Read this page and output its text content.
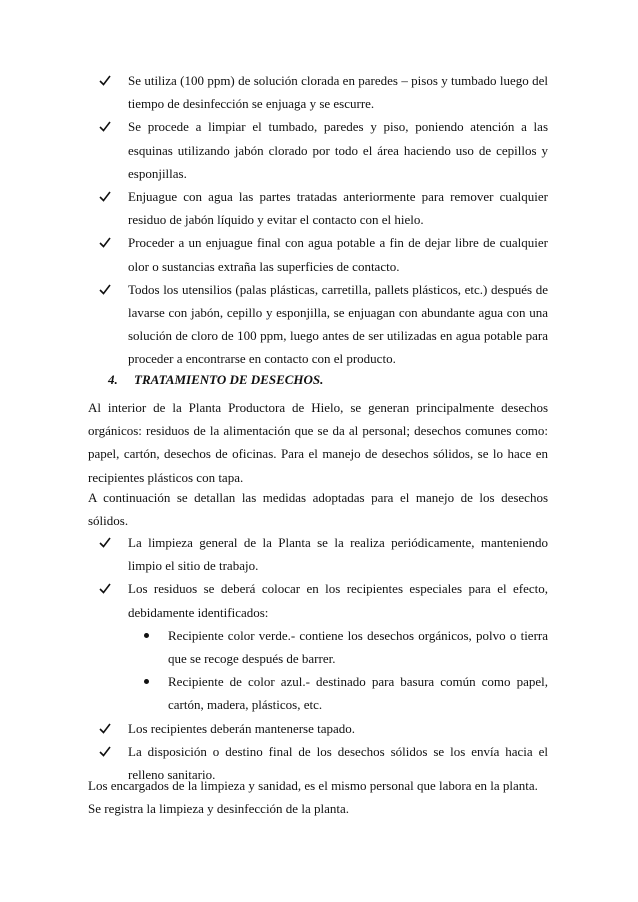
Se utiliza (100 ppm) de solución clorada en paredes – pisos y tumbado luego del tiempo de desinfección se enjuaga y se escurre.
Se procede a limpiar el tumbado, paredes y piso, poniendo atención a las esquinas utilizando jabón clorado por todo el área haciendo uso de cepillos y esponjillas.
Enjuague con agua las partes tratadas anteriormente para remover cualquier residuo de jabón líquido y evitar el contacto con el hielo.
Proceder a un enjuague final con agua potable a fin de dejar libre de cualquier olor o sustancias extraña las superficies de contacto.
Todos los utensilios (palas plásticas, carretilla, pallets plásticos, etc.) después de lavarse con jabón, cepillo y esponjilla, se enjuagan con abundante agua con una solución de cloro de 100 ppm, luego antes de ser utilizadas en agua potable para proceder a encontrarse en contacto con el producto.
4. TRATAMIENTO DE DESECHOS.
Al interior de la Planta Productora de Hielo, se generan principalmente desechos orgánicos: residuos de la alimentación que se da al personal; desechos comunes como: papel, cartón, desechos de oficinas. Para el manejo de desechos sólidos, se lo hace en recipientes plásticos con tapa.
A continuación se detallan las medidas adoptadas para el manejo de los desechos sólidos.
La limpieza general de la Planta se la realiza periódicamente, manteniendo limpio el sitio de trabajo.
Los residuos se deberá colocar en los recipientes especiales para el efecto, debidamente identificados:
Recipiente color verde.- contiene los desechos orgánicos, polvo o tierra que se recoge después de barrer.
Recipiente de color azul.- destinado para basura común como papel, cartón, madera, plásticos, etc.
Los recipientes deberán mantenerse tapado.
La disposición o destino final de los desechos sólidos se los envía hacia el relleno sanitario.
Los encargados de la limpieza y sanidad, es el mismo personal que labora en la planta.
Se registra la limpieza y desinfección de la planta.
